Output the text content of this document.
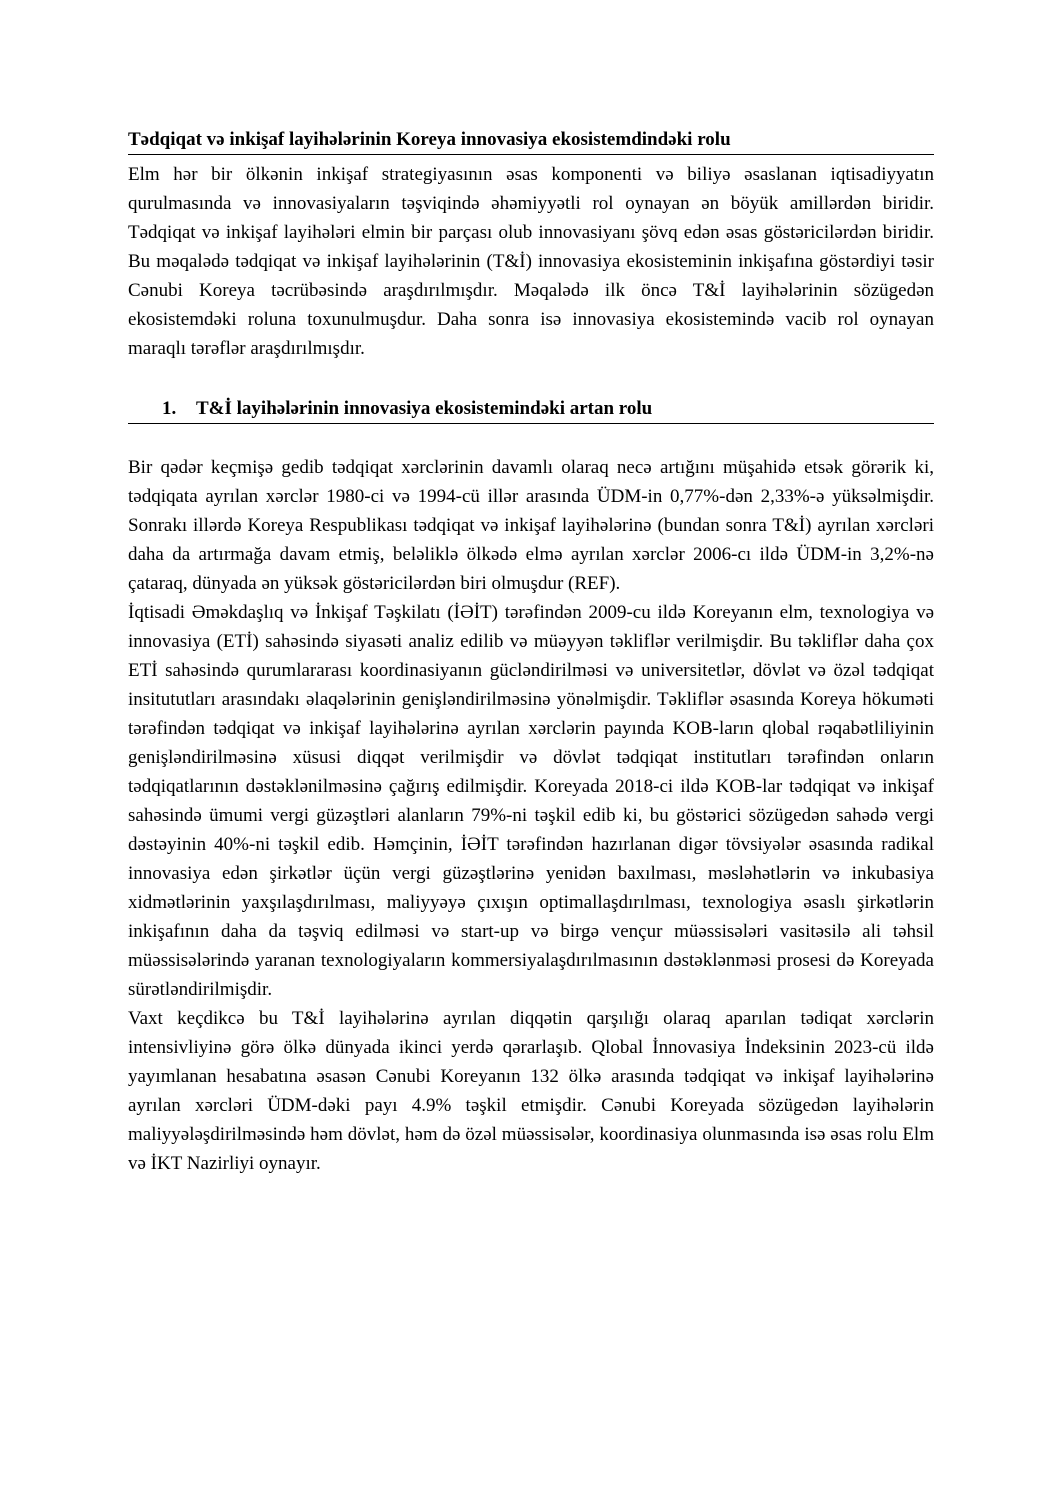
Tədqiqat və inkişaf layihələrinin Koreya innovasiya ekosistemdindəki rolu

Elm hər bir ölkənin inkişaf strategiyasının əsas komponenti və biliyə əsaslanan iqtisadiyyatın qurulmasında və innovasiyaların təşviqində əhəmiyyətli rol oynayan ən böyük amillərdən biridir. Tədqiqat və inkişaf layihələri elmin bir parçası olub innovasiyanı şövq edən əsas göstəricilərdən biridir. Bu məqalədə tədqiqat və inkişaf layihələrinin (T&İ) innovasiya ekosisteminin inkişafına göstərdiyi təsir Cənubi Koreya təcrübəsində araşdırılmışdır. Məqalədə ilk öncə T&İ layihələrinin sözügedən ekosistemdəki roluna toxunulmuşdur. Daha sonra isə innovasiya ekosistemində vacib rol oynayan maraqlı tərəflər araşdırılmışdır.

1. T&İ layihələrinin innovasiya ekosistemindəki artan rolu

Bir qədər keçmişə gedib tədqiqat xərclərinin davamlı olaraq necə artığını müşahidə etsək görərik ki, tədqiqata ayrılan xərclər 1980-ci və 1994-cü illər arasında ÜDM-in 0,77%-dən 2,33%-ə yüksəlmişdir. Sonrakı illərdə Koreya Respublikası tədqiqat və inkişaf layihələrinə (bundan sonra T&İ) ayrılan xərcləri daha da artırmağa davam etmiş, beləliklə ölkədə elmə ayrılan xərclər 2006-cı ildə ÜDM-in 3,2%-nə çataraq, dünyada ən yüksək göstəricilərdən biri olmuşdur (REF).

İqtisadi Əməkdaşlıq və İnkişaf Təşkilatı (İƏİT) tərəfindən 2009-cu ildə Koreyanın elm, texnologiya və innovasiya (ETİ) sahəsində siyasəti analiz edilib və müəyyən təkliflər verilmişdir. Bu təkliflər daha çox ETİ sahəsində qurumlararası koordinasiyanın gücləndirilməsi və universitetlər, dövlət və özəl tədqiqat insitututları arasındakı əlaqələrinin genişləndirilməsinə yönəlmişdir. Təkliflər əsasında Koreya hökuməti tərəfindən tədqiqat və inkişaf layihələrinə ayrılan xərclərin payında KOB-ların qlobal rəqabətliliyinin genişləndirilməsinə xüsusi diqqət verilmişdir və dövlət tədqiqat institutları tərəfindən onların tədqiqatlarının dəstəklənilməsinə çağırış edilmişdir. Koreyada 2018-ci ildə KOB-lar tədqiqat və inkişaf sahəsində ümumi vergi güzəştləri alanların 79%-ni təşkil edib ki, bu göstərici sözügedən sahədə vergi dəstəyinin 40%-ni təşkil edib. Həmçinin, İƏİT tərəfindən hazırlanan digər tövsiyələr əsasında radikal innovasiya edən şirkətlər üçün vergi güzəştlərinə yenidən baxılması, məsləhətlərin və inkubasiya xidmətlərinin yaxşılaşdırılması, maliyyəyə çıxışın optimallaşdırılması, texnologiya əsaslı şirkətlərin inkişafının daha da təşviq edilməsi və start-up və birgə vençur müəssisələri vasitəsilə ali təhsil müəssisələrində yaranan texnologiyaların kommersiyalaşdırılmasının dəstəklənməsi prosesi də Koreyada sürətləndirilmişdir.

Vaxt keçdikcə bu T&İ layihələrinə ayrılan diqqətin qarşılığı olaraq aparılan tədiqat xərclərin intensivliyinə görə ölkə dünyada ikinci yerdə qərarlaşıb. Qlobal İnnovasiya İndeksinin 2023-cü ildə yayımlanan hesabatına əsasən Cənubi Koreyanın 132 ölkə arasında tədqiqat və inkişaf layihələrinə ayrılan xərcləri ÜDM-dəki payı 4.9% təşkil etmişdir. Cənubi Koreyada sözügedən layihələrin maliyyələşdirilməsində həm dövlət, həm də özəl müəssisələr, koordinasiya olunmasında isə əsas rolu Elm və İKT Nazirliyi oynayır.
